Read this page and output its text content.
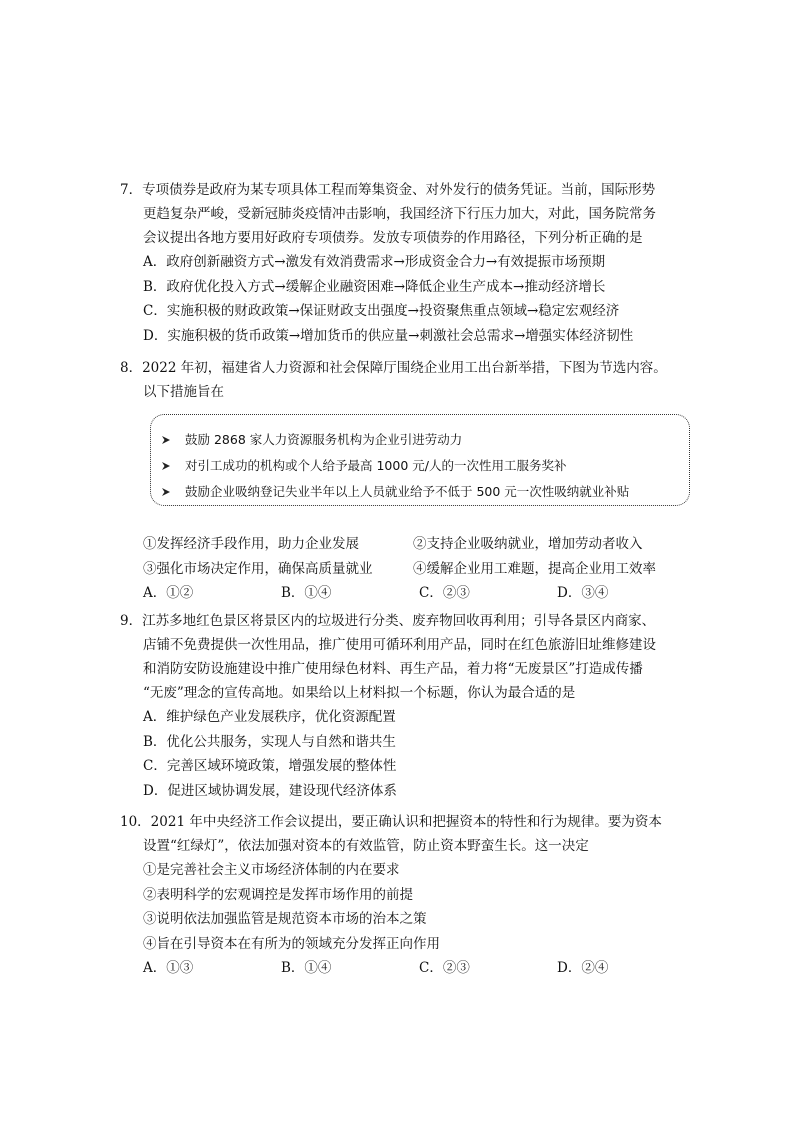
7．专项债券是政府为某专项具体工程而筹集资金、对外发行的债务凭证。当前，国际形势
更趋复杂严峻，受新冠肺炎疫情冲击影响，我国经济下行压力加大，对此，国务院常务
会议提出各地方要用好政府专项债券。发放专项债券的作用路径，下列分析正确的是
A．政府创新融资方式→激发有效消费需求→形成资金合力→有效提振市场预期
B．政府优化投入方式→缓解企业融资困难→降低企业生产成本→推动经济增长
C．实施积极的财政政策→保证财政支出强度→投资聚焦重点领域→稳定宏观经济
D．实施积极的货币政策→增加货币的供应量→刺激社会总需求→增强实体经济韧性
8．2022 年初，福建省人力资源和社会保障厅围绕企业用工出台新举措，下图为节选内容。
以下措施旨在
鼓励 2868 家人力资源服务机构为企业引进劳动力
对引工成功的机构或个人给予最高 1000 元/人的一次性用工服务奖补
鼓励企业吸纳登记失业半年以上人员就业给予不低于 500 元一次性吸纳就业补贴
①发挥经济手段作用，助力企业发展	②支持企业吸纳就业，增加劳动者收入
③强化市场决定作用，确保高质量就业	④缓解企业用工难题，提高企业用工效率
A．①②	B．①④	C．②③	D．③④
9．江苏多地红色景区将景区内的垃圾进行分类、废弃物回收再利用；引导各景区内商家、
店铺不免费提供一次性用品，推广使用可循环利用产品，同时在红色旅游旧址维修建设
和消防安防设施建设中推广使用绿色材料、再生产品，着力将“无废景区”打造成传播
“无废”理念的宣传高地。如果给以上材料拟一个标题，你认为最合适的是
A．维护绿色产业发展秩序，优化资源配置
B．优化公共服务，实现人与自然和谐共生
C．完善区域环境政策，增强发展的整体性
D．促进区域协调发展，建设现代经济体系
10．2021 年中央经济工作会议提出，要正确认识和把握资本的特性和行为规律。要为资本
设置“红绿灯”，依法加强对资本的有效监管，防止资本野蛮生长。这一决定
①是完善社会主义市场经济体制的内在要求
②表明科学的宏观调控是发挥市场作用的前提
③说明依法加强监管是规范资本市场的治本之策
④旨在引导资本在有所为的领域充分发挥正向作用
A．①③	B．①④	C．②③	D．②④
